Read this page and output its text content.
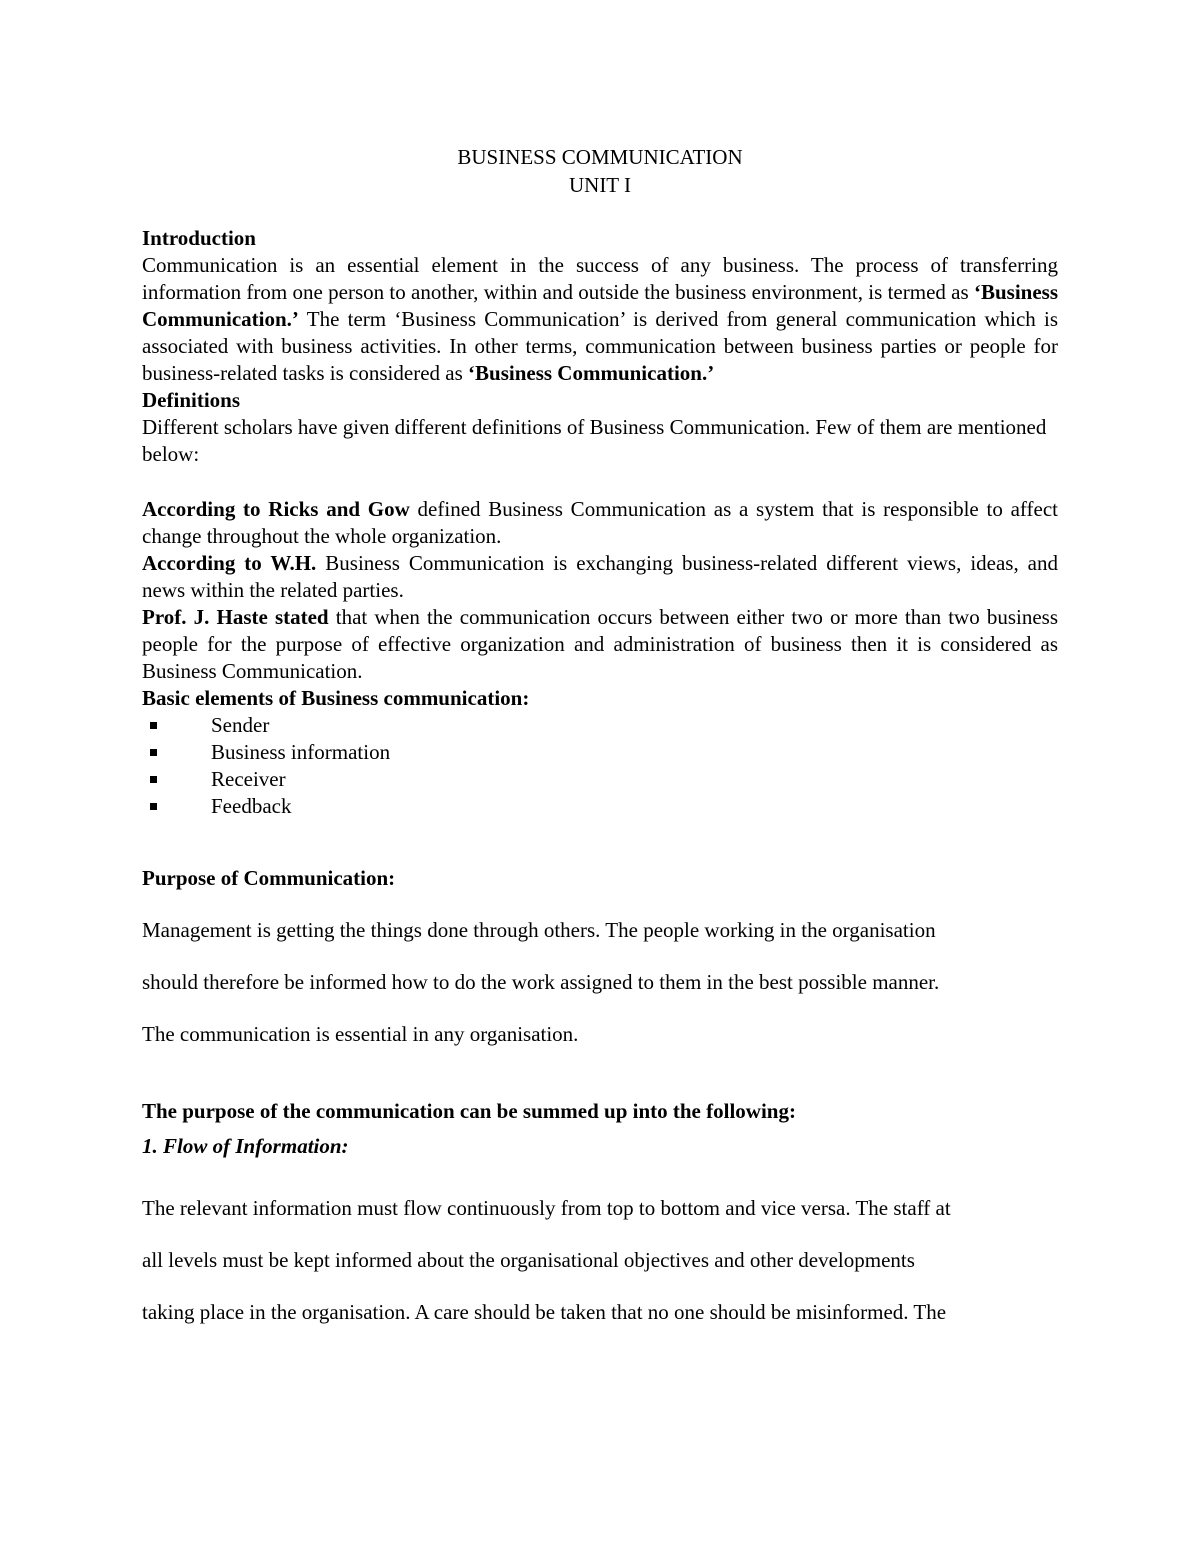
BUSINESS COMMUNICATION
UNIT I
Introduction

Communication is an essential element in the success of any business. The process of transferring information from one person to another, within and outside the business environment, is termed as ‘Business Communication.’ The term ‘Business Communication’ is derived from general communication which is associated with business activities. In other terms, communication between business parties or people for business-related tasks is considered as ‘Business Communication.’

Definitions

Different scholars have given different definitions of Business Communication. Few of them are mentioned below:

According to Ricks and Gow defined Business Communication as a system that is responsible to affect change throughout the whole organization.

According to W.H. Business Communication is exchanging business-related different views, ideas, and news within the related parties.

Prof. J. Haste stated that when the communication occurs between either two or more than two business people for the purpose of effective organization and administration of business then it is considered as Business Communication.

Basic elements of Business communication:
Sender
Business information
Receiver
Feedback
Purpose of Communication:

Management is getting the things done through others. The people working in the organisation

should therefore be informed how to do the work assigned to them in the best possible manner.

The communication is essential in any organisation.

The purpose of the communication can be summed up into the following:
1. Flow of Information:

The relevant information must flow continuously from top to bottom and vice versa. The staff at

all levels must be kept informed about the organisational objectives and other developments

taking place in the organisation. A care should be taken that no one should be misinformed. The
